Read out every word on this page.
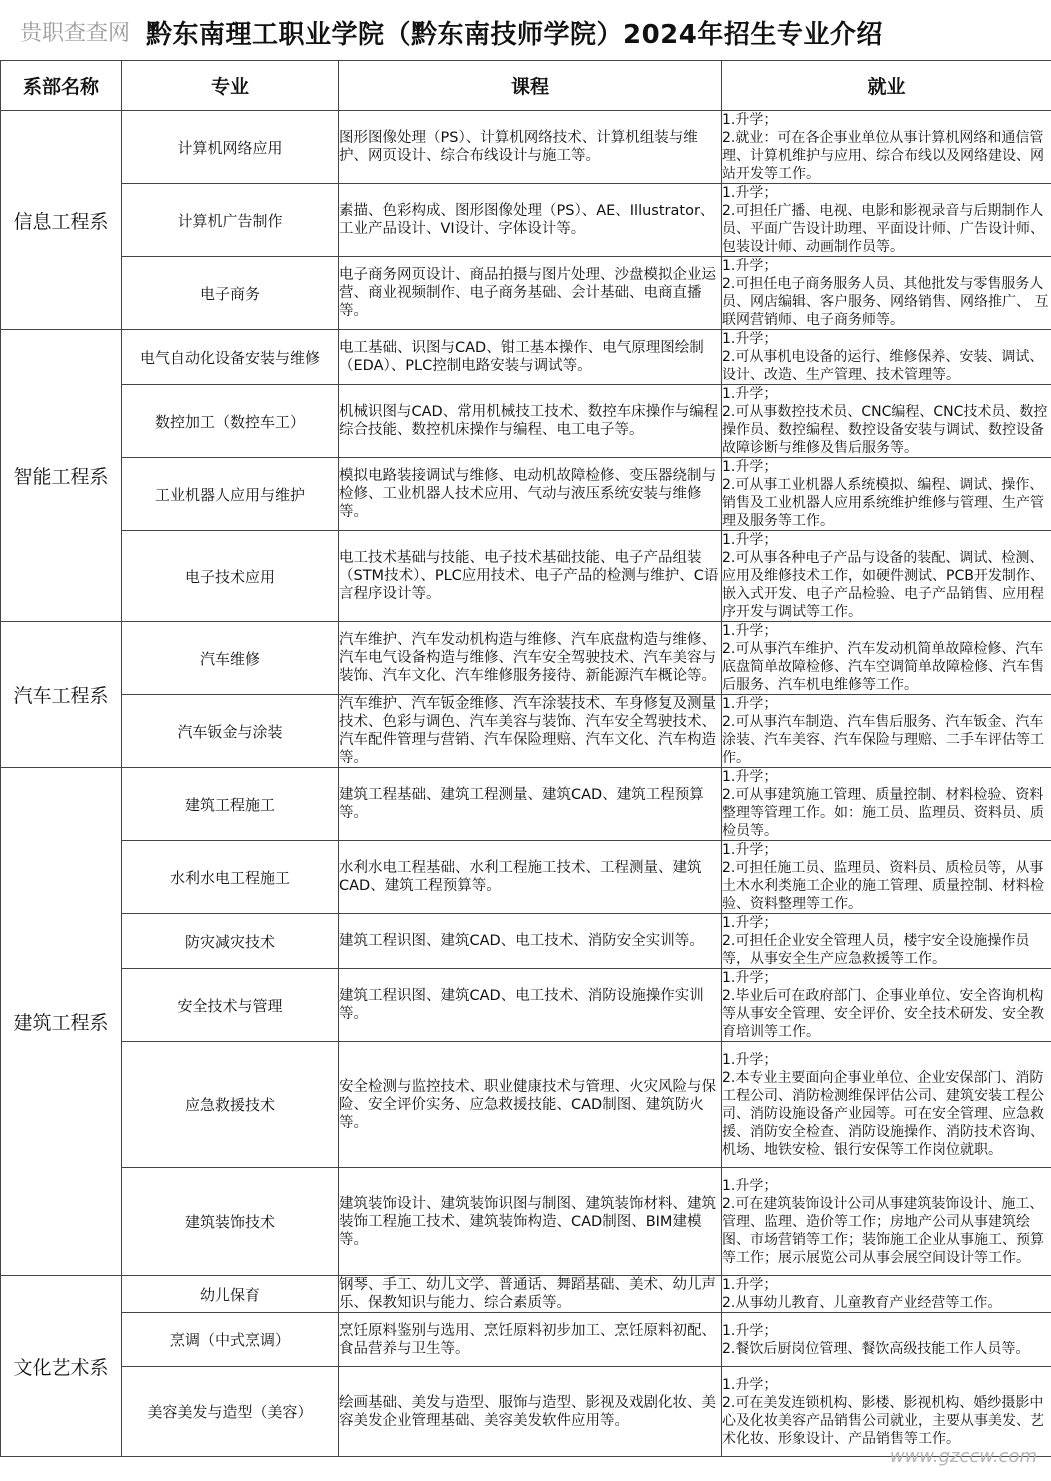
贵职查查网 黔东南理工职业学院（黔东南技师学院）2024年招生专业介绍
系部名称	专业	课程	就业
信息工程系	计算机网络应用	图形图像处理（PS）、计算机网络技术、计算机组装与维护、网页设计、综合布线设计与施工等。	1.升学；
2.就业：可在各企事业单位从事计算机网络和通信管理、计算机维护与应用、综合布线以及网络建设、网站开发等工作。

	计算机广告制作	素描、色彩构成、图形图像处理（PS）、AE、Illustrator、工业产品设计、VI设计、字体设计等。	1.升学；
2.可担任广播、电视、电影和影视录音与后期制作人员、平面广告设计助理、平面设计师、广告设计师、包装设计师、动画制作员等。

	电子商务	电子商务网页设计、商品拍摄与图片处理、沙盘模拟企业运营、商业视频制作、电子商务基础、会计基础、电商直播等。	1.升学；
2.可担任电子商务服务人员、其他批发与零售服务人员、网店编辑、客户服务、网络销售、网络推广、 互联网营销师、电子商务师等。

智能工程系	电气自动化设备安装与维修	电工基础、识图与CAD、钳工基本操作、电气原理图绘制（EDA）、PLC控制电路安装与调试等。	1.升学；
2.可从事机电设备的运行、维修保养、安装、调试、设计、改造、生产管理、技术管理等。

	数控加工（数控车工）	机械识图与CAD、常用机械技工技术、数控车床操作与编程综合技能、数控机床操作与编程、电工电子等。	1.升学；
2.可从事数控技术员、CNC编程、CNC技术员、数控操作员、数控编程、数控设备安装与调试、数控设备故障诊断与维修及售后服务等。

	工业机器人应用与维护	模拟电路装接调试与维修、电动机故障检修、变压器绕制与检修、工业机器人技术应用、气动与液压系统安装与维修等。	1.升学；
2.可从事工业机器人系统模拟、编程、调试、操作、销售及工业机器人应用系统维护维修与管理、生产管理及服务等工作。

	电子技术应用	电工技术基础与技能、电子技术基础技能、电子产品组装（STM技术）、PLC应用技术、电子产品的检测与维护、C语言程序设计等。	1.升学；
2.可从事各种电子产品与设备的装配、调试、检测、应用及维修技术工作，如硬件测试、PCB开发制作、嵌入式开发、电子产品检验、电子产品销售、应用程序开发与调试等工作。

汽车工程系	汽车维修	汽车维护、汽车发动机构造与维修、汽车底盘构造与维修、汽车电气设备构造与维修、汽车安全驾驶技术、汽车美容与装饰、汽车文化、汽车维修服务接待、新能源汽车概论等。	1.升学；
2.可从事汽车维护、汽车发动机简单故障检修、汽车底盘简单故障检修、汽车空调简单故障检修、汽车售后服务、汽车机电维修等工作。

	汽车钣金与涂装	汽车维护、汽车钣金维修、汽车涂装技术、车身修复及测量技术、色彩与调色、汽车美容与装饰、汽车安全驾驶技术、汽车配件管理与营销、汽车保险理赔、汽车文化、汽车构造等。	1.升学；
2.可从事汽车制造、汽车售后服务、汽车钣金、汽车涂装、汽车美容、汽车保险与理赔、二手车评估等工作。

建筑工程系	建筑工程施工	建筑工程基础、建筑工程测量、建筑CAD、建筑工程预算等。	1.升学；
2.可从事建筑施工管理、质量控制、材料检验、资料整理等管理工作。如：施工员、监理员、资料员、质检员等。

	水利水电工程施工	水利水电工程基础、水利工程施工技术、工程测量、建筑CAD、建筑工程预算等。	1.升学；
2.可担任施工员、监理员、资料员、质检员等，从事土木水利类施工企业的施工管理、质量控制、材料检验、资料整理等工作。

	防灾减灾技术	建筑工程识图、建筑CAD、电工技术、消防安全实训等。	1.升学；
2.可担任企业安全管理人员，楼宇安全设施操作员等，从事安全生产应急救援等工作。

	安全技术与管理	建筑工程识图、建筑CAD、电工技术、消防设施操作实训等。	1.升学；
2.毕业后可在政府部门、企事业单位、安全咨询机构等从事安全管理、安全评价、安全技术研发、安全教育培训等工作。

	应急救援技术	安全检测与监控技术、职业健康技术与管理、火灾风险与保险、安全评价实务、应急救援技能、CAD制图、建筑防火等。	1.升学；
2.本专业主要面向企事业单位、企业安保部门、消防工程公司、消防检测维保评估公司、建筑安装工程公司、消防设施设备产业园等。可在安全管理、应急救援、消防安全检查、消防设施操作、消防技术咨询、机场、地铁安检、银行安保等工作岗位就职。

	建筑装饰技术	建筑装饰设计、建筑装饰识图与制图、建筑装饰材料、建筑装饰工程施工技术、建筑装饰构造、CAD制图、BIM建模等。	1.升学；
2.可在建筑装饰设计公司从事建筑装饰设计、施工、管理、监理、造价等工作；房地产公司从事建筑绘图、市场营销等工作；装饰施工企业从事施工、预算等工作；展示展览公司从事会展空间设计等工作。

文化艺术系	幼儿保育	钢琴、手工、幼儿文学、普通话、舞蹈基础、美术、幼儿声乐、保教知识与能力、综合素质等。	1.升学；
2.从事幼儿教育、儿童教育产业经营等工作。

	烹调（中式烹调）	烹饪原料鉴别与选用、烹饪原料初步加工、烹饪原料初配、食品营养与卫生等。	1.升学；
2.餐饮后厨岗位管理、餐饮高级技能工作人员等。

	美容美发与造型（美容）	绘画基础、美发与造型、服饰与造型、影视及戏剧化妆、美容美发企业管理基础、美容美发软件应用等。	1.升学；
2.可在美发连锁机构、影楼、影视机构、婚纱摄影中心及化妆美容产品销售公司就业，主要从事美发、艺术化妆、形象设计、产品销售等工作。
www.gzccw.com
